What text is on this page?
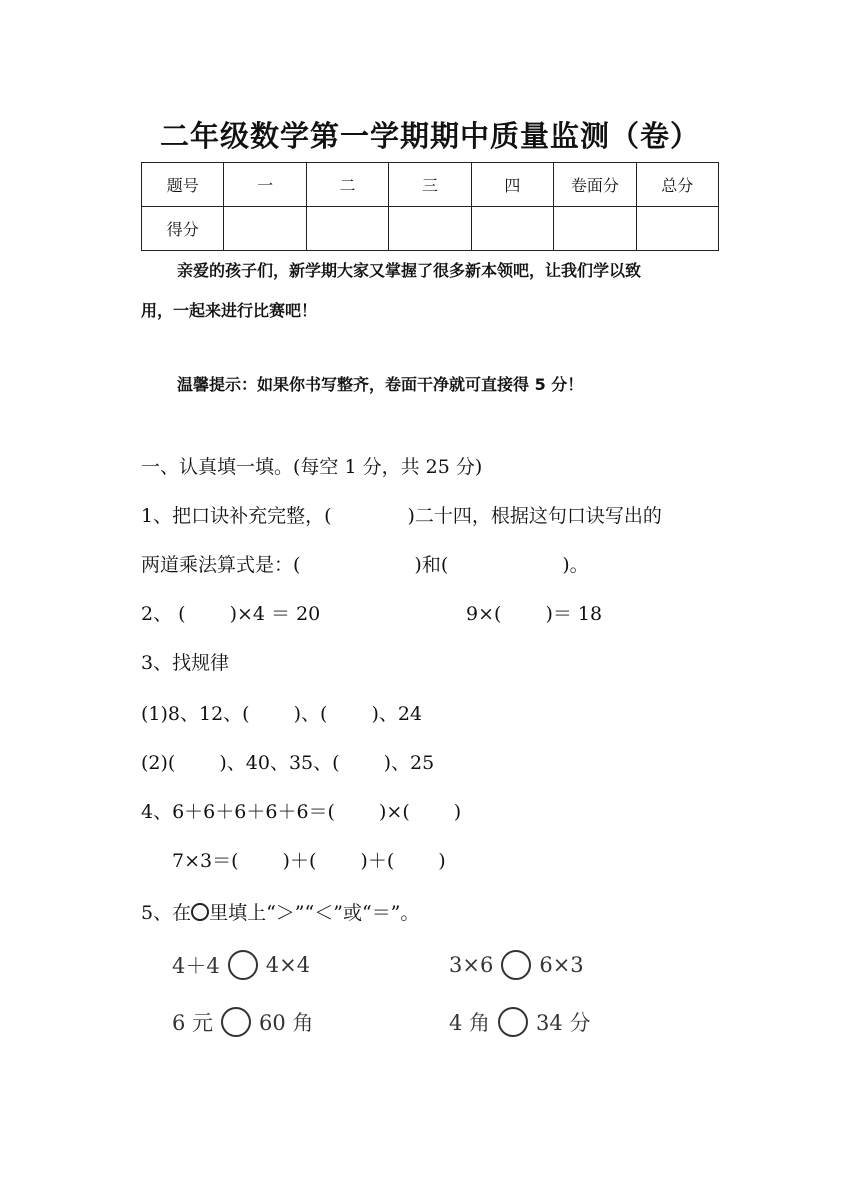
二年级数学第一学期期中质量监测（卷）
题号	一	二	三	四	卷面分	总分
得分						
亲爱的孩子们，新学期大家又掌握了很多新本领吧，让我们学以致
用，一起来进行比赛吧！
温馨提示：如果你书写整齐，卷面干净就可直接得 5 分！
一、认真填一填。(每空 1 分，共 25 分)
1、把口诀补充完整，(　　　　)二十四，根据这句口诀写出的
两道乘法算式是：(　　　　　　)和(　　　　　　)。
2、 (　　 )×4 ＝ 20	9×(　　 )＝ 18
3、找规律
(1)8、12、(　　 )、(　　 )、24
(2)(　　 )、40、35、(　　 )、25
4、6＋6＋6＋6＋6＝(　　 )×(　　 )
7×3＝(　　 )＋(　　 )＋(　　 )
5、在 里填上“＞”“＜”或“＝”。
4＋4 4×4	3×6 6×3
6 元 60 角	4 角 34 分
